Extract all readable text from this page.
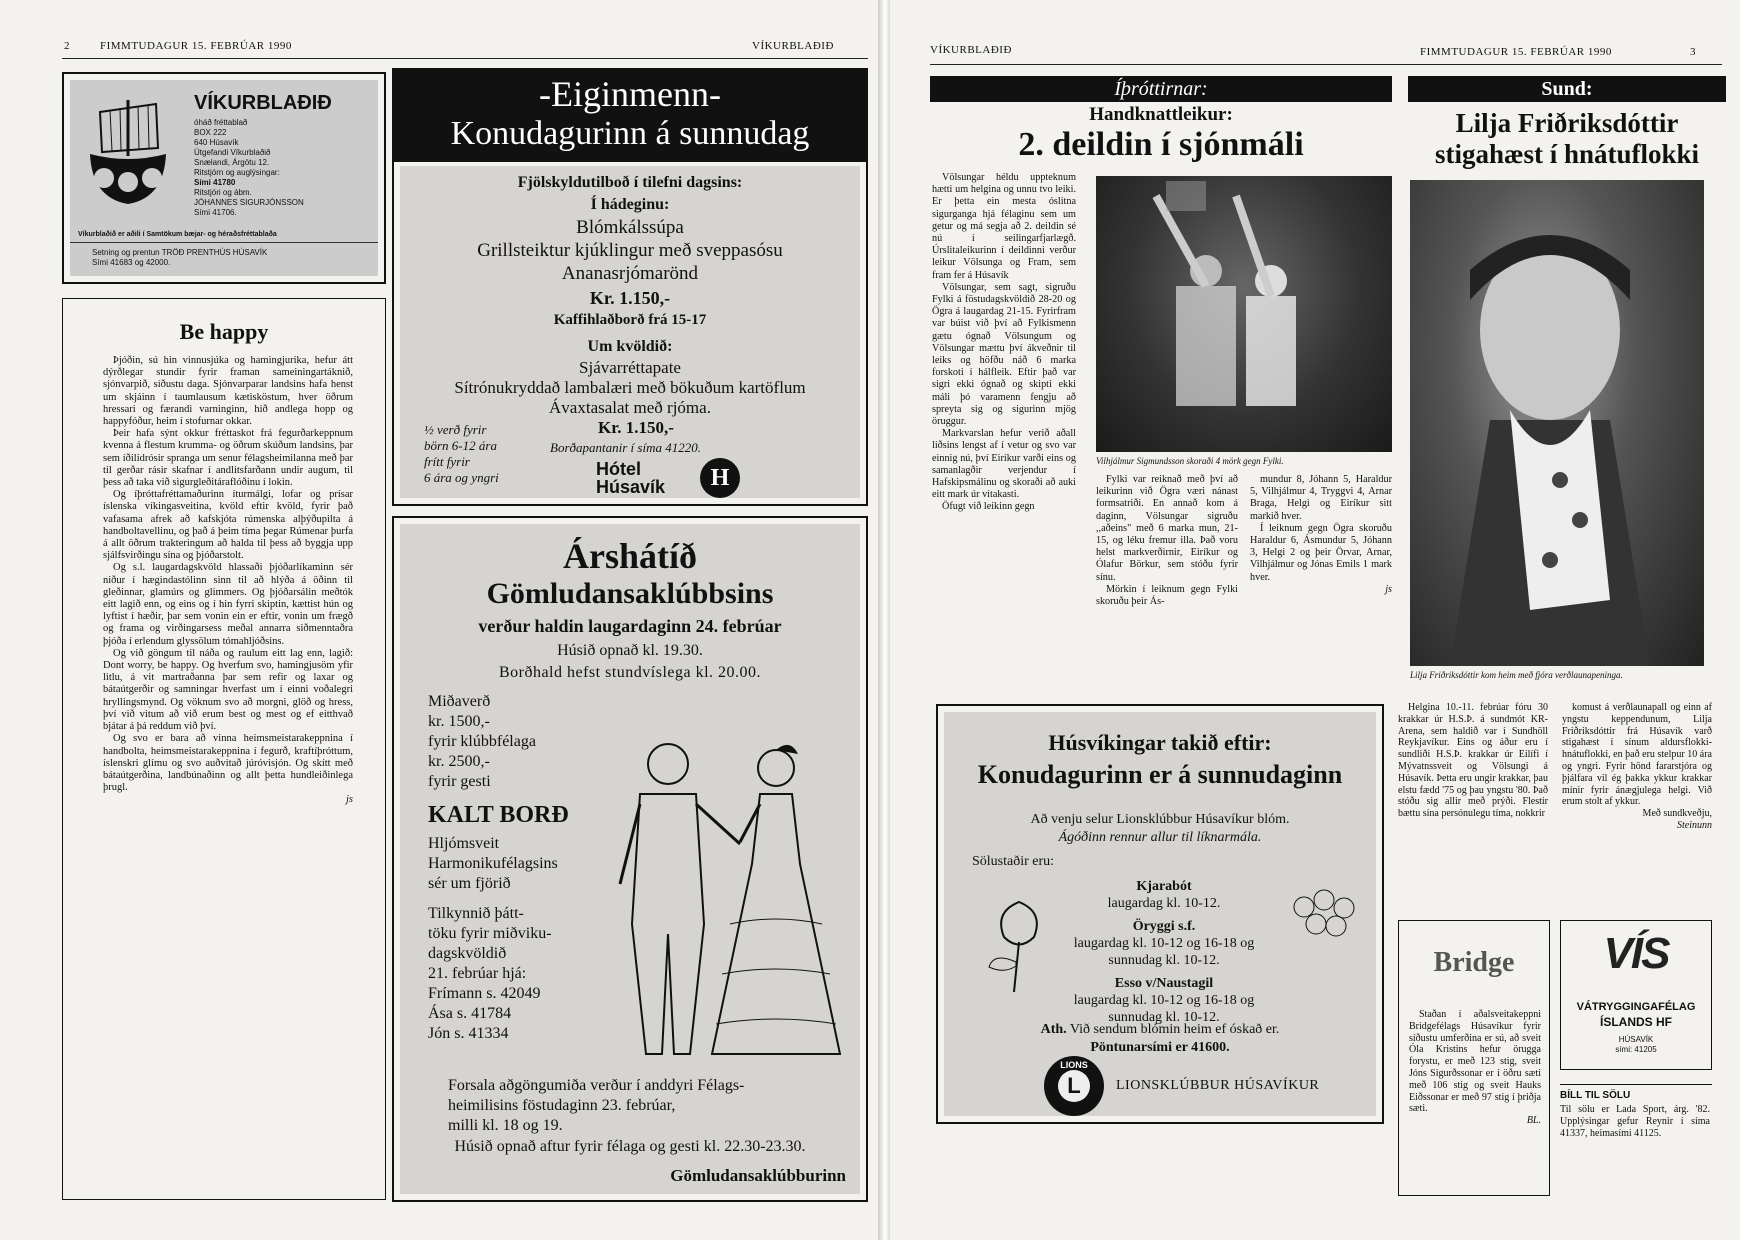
2	FIMMTUDAGUR 15. FEBRÚAR 1990	VÍKURBLAÐIÐ
VÍKURBLAÐIÐ
óháð fréttablað
BOX 222
640 Húsavík
Útgefandi Víkurblaðið
Snælandi, Árgötu 12.
Ritstjórn og auglýsingar:
Sími 41780
Ritstjóri og ábm.
JÓHANNES SIGURJÓNSSON
Sími 41706.
Víkurblaðið er aðili í Samtökum bæjar- og héraðsfréttablaða
Setning og prentun TRÖÐ PRENTHÚS HÚSAVÍK
Sími 41683 og 42000.
Be happy

Þjóðin, sú hin vinnusjúka og hamingjurika, hefur átt dýrðlegar stundir fyrir framan sameiningartáknið, sjónvarpið, síðustu daga. Sjónvarparar landsins hafa henst um skjáinn í taumlausum kætisköstum, hver öðrum hressari og færandi varninginn, hið andlega hopp og happyfóður, heim í stofurnar okkar.

Þeir hafa sýnt okkur fréttaskot frá fegurðarkeppnum kvenna á flestum krumma- og öðrum skúðum landsins, þar sem íðilidrósir spranga um senur félagsheimilanna með þar til gerðar rásir skafnar í andlitsfarðann undir augum, til þess að taka við sigurgleðitáraflóðinu í lokin.

Og íþróttafréttamaðurinn íturmálgi, lofar og prísar íslenska víkingasveitina, kvöld eftir kvöld, fyrir það vafasama afrek að kafskjóta rúmenska alþýðupilta á handboltavellinu, og það á þeim tíma þegar Rúmenar þurfa á allt öðrum trakteringum að halda til þess að byggja upp sjálfsvirðingu sína og þjóðarstolt.

Og s.l. laugardagskvöld hlassaði þjóðarlíkaminn sér niður í hægindastólinn sinn til að hlýða á öðinn til gleðinnar, glamúrs og glimmers. Og þjóðarsálin meðtók eitt lagið enn, og eins og í hin fyrri skiptin, kættist hún og lyftist í hæðir, þar sem vonin ein er eftir, vonin um frægð og frama og virðingarsess meðal annarra siðmenntaðra þjóða í erlendum glyssölum tómahljóðsins.

Og við göngum til náða og raulum eitt lag enn, lagið: Dont worry, be happy. Og hverfum svo, hamingjusöm yfir litlu, á vit martraðanna þar sem refir og laxar og bátaútgerðir og samningar hverfast um í einni voðalegri hryllingsmynd. Og vöknum svo að morgni, glöð og hress, því við vitum að við erum best og mest og ef eitthvað bjátar á þá reddum við því.

Og svo er bara að vinna heimsmeistarakeppnina í handbolta, heimsmeistarakeppnina í fegurð, kraftíþróttum, íslenskri glímu og svo auðvitað júróvisjón. Og skítt með bátaútgerðina, landbúnaðinn og allt þetta hundleiðinlega þrugl.

js
-Eiginmenn-
Konudagurinn á sunnudag
Fjölskyldutilboð í tilefni dagsins:
Í hádeginu:
Blómkálssúpa
Grillsteiktur kjúklingur með sveppasósu
Ananasrjómarönd
Kr. 1.150,-
Kaffihlaðborð frá 15-17
Um kvöldið:
Sjávarréttapate
Sítrónukryddað lambalæri með bökuðum kartöflum
Ávaxtasalat með rjóma.
½ verð fyrir
börn 6-12 ára
frítt fyrir
6 ára og yngri
Kr. 1.150,-
Borðapantanir í síma 41220.
Hótel
Húsavík	H
Árshátíð
Gömludansaklúbbsins
verður haldin laugardaginn 24. febrúar
Húsið opnað kl. 19.30.
Borðhald hefst stundvíslega kl. 20.00.
Miðaverð
kr. 1500,-
fyrir klúbbfélaga
kr. 2500,-
fyrir gesti
KALT BORÐ
Hljómsveit
Harmonikufélagsins
sér um fjörið
Tilkynnið þátt-
töku fyrir miðviku-
dagskvöldið
21. febrúar hjá:
Frímann s. 42049
Ása s. 41784
Jón s. 41334
Forsala aðgöngumiða verður í anddyri Félags-
heimilisins föstudaginn 23. febrúar,
milli kl. 18 og 19.
Húsið opnað aftur fyrir félaga og gesti kl. 22.30-23.30.
Gömludansaklúbburinn
VÍKURBLAÐIÐ	FIMMTUDAGUR 15. FEBRÚAR 1990	3
Íþróttirnar:
Handknattleikur:
2. deildin í sjónmáli

Völsungar héldu uppteknum hætti um helgina og unnu tvo leiki. Er þetta ein mesta óslitna sigurganga hjá félaginu sem um getur og má segja að 2. deildin sé nú í seilingarfjarlægð. Úrslitaleikurinn í deildinni verður leikur Völsunga og Fram, sem fram fer á Húsavík

Völsungar, sem sagt, sigruðu Fylki á föstudagskvöldið 28-20 og Ögra á laugardag 21-15. Fyrirfram var búist við því að Fylkismenn gætu ógnað Völsungum og Völsungar mættu því ákveðnir til leiks og höfðu náð 6 marka forskoti í hálfleik. Eftir það var sigri ekki ógnað og skipti ekki máli þó varamenn fengju að spreyta sig og sigurinn mjög öruggur.

Markvarslan hefur verið aðall liðsins lengst af í vetur og svo var einnig nú, því Eiríkur varði eins og samanlagðir verjendur í Hafskipsmálinu og skoraði að auki eitt mark úr vítakasti.

Öfugt við leikinn gegn

Vilhjálmur Sigmundsson skoraði 4 mörk gegn Fylki.

Fylki var reiknað með því að leikurinn við Ögra væri nánast formsatriði. En annað kom á daginn, Völsungar sigruðu ,,aðeins" með 6 marka mun, 21-15, og léku fremur illa. Það voru helst markverðirnir, Eiríkur og Ólafur Börkur, sem stóðu fyrir sínu.

Mörkin í leiknum gegn Fylki skoruðu þeir Ás-

mundur 8, Jóhann 5, Haraldur 5, Vilhjálmur 4, Tryggvi 4, Arnar Braga, Helgi og Eiríkur sitt markið hver.

Í leiknum gegn Ögra skoruðu Haraldur 6, Ásmundur 5, Jóhann 3, Helgi 2 og þeir Örvar, Arnar, Vilhjálmur og Jónas Emils 1 mark hver.

js
Sund:
Lilja Friðriksdóttir
stigahæst í hnátuflokki
Lilja Friðriksdóttir kom heim með fjóra verðlaunapeninga.

Helgina 10.-11. febrúar fóru 30 krakkar úr H.S.Þ. á sundmót KR-Arena, sem haldið var í Sundhöll Reykjavíkur. Eins og áður eru í sundliði H.S.Þ. krakkar úr Eilífi í Mývatnssveit og Völsungi á Húsavík. Þetta eru ungir krakkar, þau elstu fædd '75 og þau yngstu '80. Það stóðu sig allir með prýði. Flestir bættu sína persónulegu tíma, nokkrir

komust á verðlaunapall og einn af yngstu keppendunum, Lilja Friðriksdóttir frá Húsavík varð stigahæst í sínum aldursflokki-hnátuflokki, en það eru stelpur 10 ára og yngri. Fyrir hönd fararstjóra og þjálfara vil ég þakka ykkur krakkar mínir fyrir ánægjulega helgi. Við erum stolt af ykkur.

Með sundkveðju,
Steinunn
Húsvíkingar takið eftir:
Konudagurinn er á sunnudaginn
Að venju selur Lionsklúbbur Húsavíkur blóm.
Ágóðinn rennur allur til líknarmála.
Sölustaðir eru:
Kjarabót
laugardag kl. 10-12.
Öryggi s.f.
laugardag kl. 10-12 og 16-18 og sunnudag kl. 10-12.
Esso v/Naustagil
laugardag kl. 10-12 og 16-18 og sunnudag kl. 10-12.
Ath. Við sendum blómin heim ef óskað er.
Pöntunarsími er 41600.
LIONS
L	LIONSKLÚBBUR HÚSAVÍKUR
Bridge

Staðan í aðalsveitakeppni Bridgefélags Húsavíkur fyrir síðustu umferðina er sú, að sveit Óla Kristins hefur örugga forystu, er með 123 stig, sveit Jóns Sigurðssonar er í öðru sæti með 106 stig og sveit Hauks Eiðssonar er með 97 stig í þriðja sæti.

BL.
VÍS
VÁTRYGGINGAFÉLAG
ÍSLANDS HF
HÚSAVÍK
sími: 41205
BÍLL TIL SÖLU

Til sölu er Lada Sport, árg. '82. Upplýsingar gefur Reynir í síma 41337, heimasími 41125.
